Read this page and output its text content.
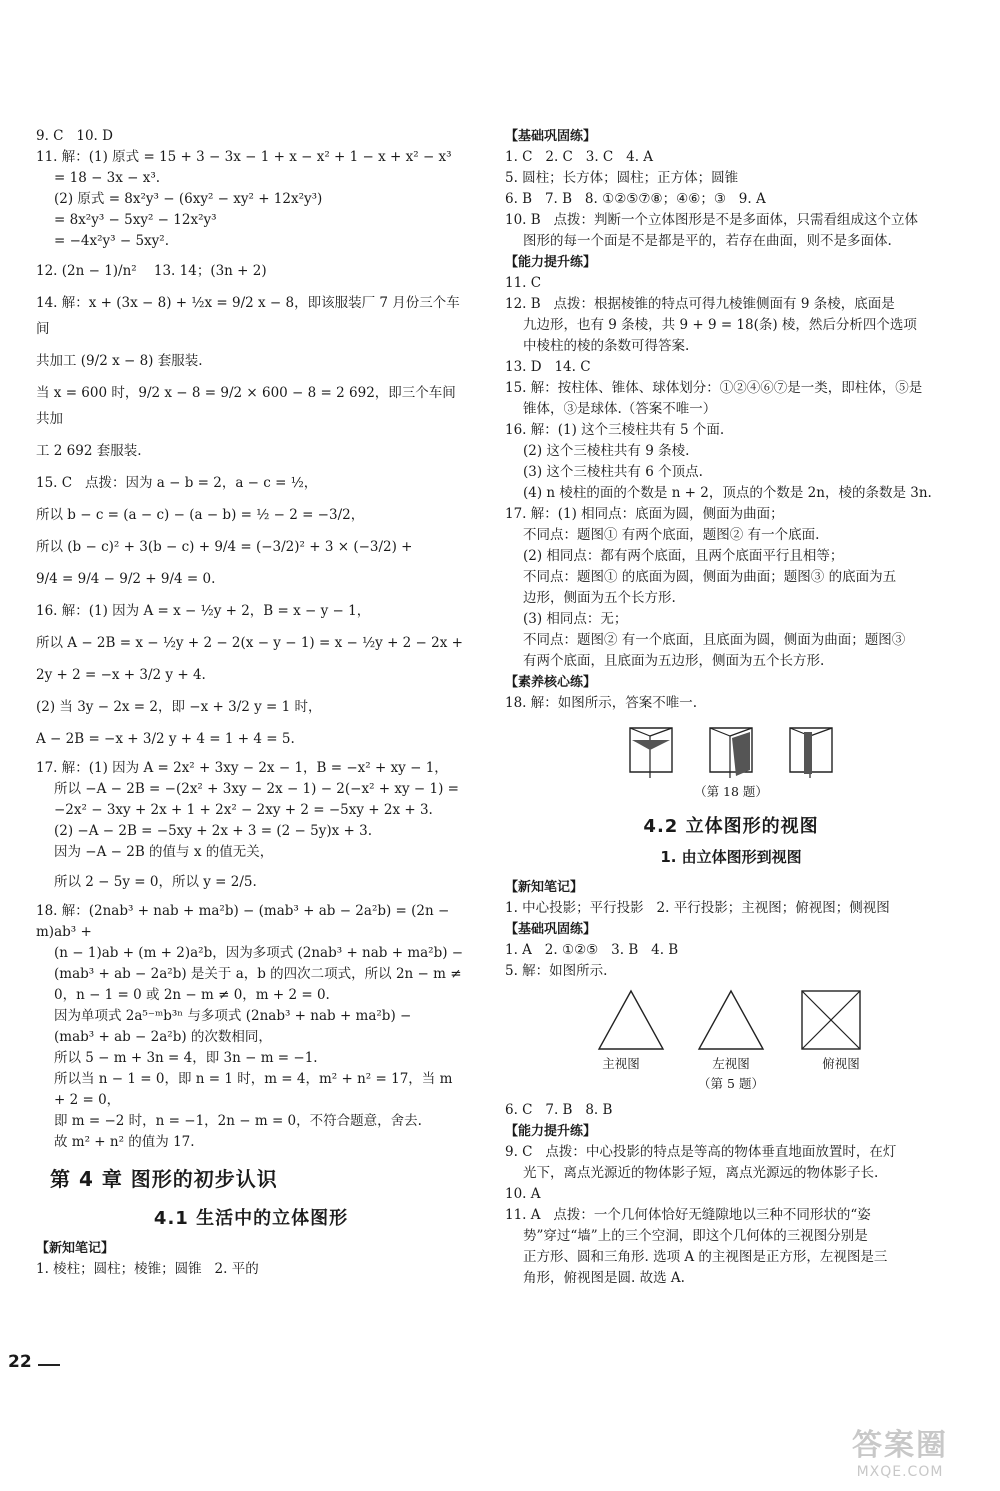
9. C   10. D

11. 解：(1) 原式 = 15 + 3 − 3x − 1 + x − x² + 1 − x + x² − x³

= 18 − 3x − x³.

(2) 原式 = 8x²y³ − (6xy² − xy² + 12x²y³)

= 8x²y³ − 5xy² − 12x²y³

= −4x²y³ − 5xy².

12. (2n − 1)/n²    13. 14；(3n + 2)

14. 解：x + (3x − 8) + ½x = 9/2 x − 8，即该服装厂 7 月份三个车间

共加工 (9/2 x − 8) 套服装.

当 x = 600 时，9/2 x − 8 = 9/2 × 600 − 8 = 2 692，即三个车间共加

工 2 692 套服装.

15. C   点拨：因为 a − b = 2，a − c = ½，

所以 b − c = (a − c) − (a − b) = ½ − 2 = −3/2，

所以 (b − c)² + 3(b − c) + 9/4 = (−3/2)² + 3 × (−3/2) +

9/4 = 9/4 − 9/2 + 9/4 = 0.

16. 解：(1) 因为 A = x − ½y + 2，B = x − y − 1，

所以 A − 2B = x − ½y + 2 − 2(x − y − 1) = x − ½y + 2 − 2x +

2y + 2 = −x + 3/2 y + 4.

(2) 当 3y − 2x = 2，即 −x + 3/2 y = 1 时，

A − 2B = −x + 3/2 y + 4 = 1 + 4 = 5.

17. 解：(1) 因为 A = 2x² + 3xy − 2x − 1，B = −x² + xy − 1，

所以 −A − 2B = −(2x² + 3xy − 2x − 1) − 2(−x² + xy − 1) =

−2x² − 3xy + 2x + 1 + 2x² − 2xy + 2 = −5xy + 2x + 3.

(2) −A − 2B = −5xy + 2x + 3 = (2 − 5y)x + 3.

因为 −A − 2B 的值与 x 的值无关，

所以 2 − 5y = 0，所以 y = 2/5.

18. 解：(2nab³ + nab + ma²b) − (mab³ + ab − 2a²b) = (2n − m)ab³ +

(n − 1)ab + (m + 2)a²b，因为多项式 (2nab³ + nab + ma²b) −

(mab³ + ab − 2a²b) 是关于 a，b 的四次二项式，所以 2n − m ≠

0，n − 1 = 0 或 2n − m ≠ 0，m + 2 = 0.

因为单项式 2a⁵⁻ᵐb³ⁿ 与多项式 (2nab³ + nab + ma²b) −

(mab³ + ab − 2a²b) 的次数相同，

所以 5 − m + 3n = 4，即 3n − m = −1.

所以当 n − 1 = 0，即 n = 1 时，m = 4，m² + n² = 17，当 m + 2 = 0，

即 m = −2 时，n = −1，2n − m = 0，不符合题意，舍去.

故 m² + n² 的值为 17.

第 4 章 图形的初步认识
4.1 生活中的立体图形

【新知笔记】

1. 棱柱；圆柱；棱锥；圆锥   2. 平的

【基础巩固练】

1. C   2. C   3. C   4. A

5. 圆柱；长方体；圆柱；正方体；圆锥

6. B   7. B   8. ①②⑤⑦⑧；④⑥；③   9. A

10. B   点拨：判断一个立体图形是不是多面体，只需看组成这个立体

图形的每一个面是不是都是平的，若存在曲面，则不是多面体.

【能力提升练】

11. C

12. B   点拨：根据棱锥的特点可得九棱锥侧面有 9 条棱，底面是

九边形，也有 9 条棱，共 9 + 9 = 18(条) 棱，然后分析四个选项

中棱柱的棱的条数可得答案.

13. D   14. C

15. 解：按柱体、锥体、球体划分：①②④⑥⑦是一类，即柱体，⑤是

锥体，③是球体.（答案不唯一）

16. 解：(1) 这个三棱柱共有 5 个面.

(2) 这个三棱柱共有 9 条棱.

(3) 这个三棱柱共有 6 个顶点.

(4) n 棱柱的面的个数是 n + 2，顶点的个数是 2n，棱的条数是 3n.

17. 解：(1) 相同点：底面为圆，侧面为曲面；

不同点：题图① 有两个底面，题图② 有一个底面.

(2) 相同点：都有两个底面，且两个底面平行且相等；

不同点：题图① 的底面为圆，侧面为曲面；题图③ 的底面为五

边形，侧面为五个长方形.

(3) 相同点：无；

不同点：题图② 有一个底面，且底面为圆，侧面为曲面；题图③

有两个底面，且底面为五边形，侧面为五个长方形.

【素养核心练】

18. 解：如图所示，答案不唯一.

（第 18 题）
4.2 立体图形的视图
1. 由立体图形到视图

【新知笔记】

1. 中心投影；平行投影   2. 平行投影；主视图；俯视图；侧视图

【基础巩固练】

1. A   2. ①②⑤   3. B   4. B

5. 解：如图所示.

主视图	左视图	俯视图
（第 5 题）

6. C   7. B   8. B

【能力提升练】

9. C   点拨：中心投影的特点是等高的物体垂直地面放置时，在灯

光下，离点光源近的物体影子短，离点光源远的物体影子长.

10. A

11. A   点拨：一个几何体恰好无缝隙地以三种不同形状的“姿

势”穿过“墙”上的三个空洞，即这个几何体的三视图分别是

正方形、圆和三角形. 选项 A 的主视图是正方形，左视图是三

角形，俯视图是圆. 故选 A.

22
答案圈
MXQE.COM
